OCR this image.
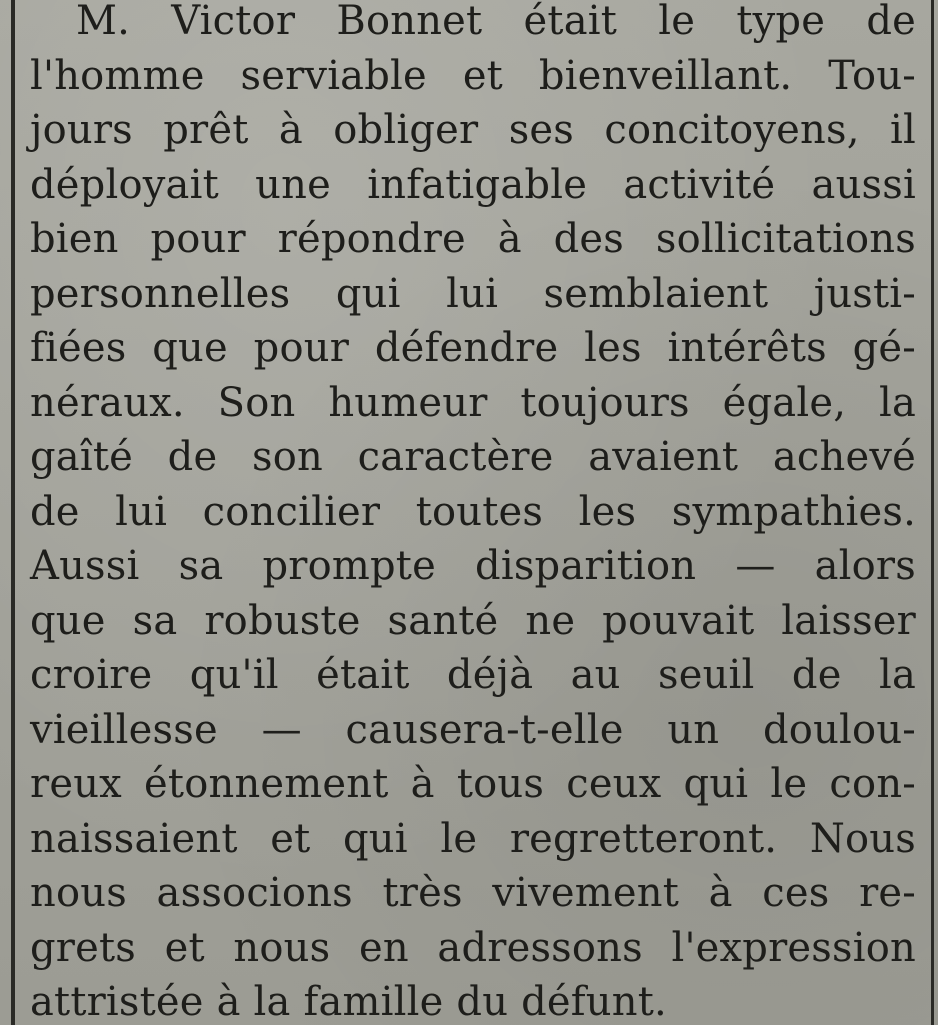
M. Victor Bonnet était le type de
l'homme serviable et bienveillant. Tou-
jours prêt à obliger ses concitoyens, il
déployait une infatigable activité aussi
bien pour répondre à des sollicitations
personnelles qui lui semblaient justi-
fiées que pour défendre les intérêts gé-
néraux. Son humeur toujours égale, la
gaîté de son caractère avaient achevé
de lui concilier toutes les sympathies.
Aussi sa prompte disparition — alors
que sa robuste santé ne pouvait laisser
croire qu'il était déjà au seuil de la
vieillesse — causera-t-elle un doulou-
reux étonnement à tous ceux qui le con-
naissaient et qui le regretteront. Nous
nous associons très vivement à ces re-
grets et nous en adressons l'expression
attristée à la famille du défunt.
